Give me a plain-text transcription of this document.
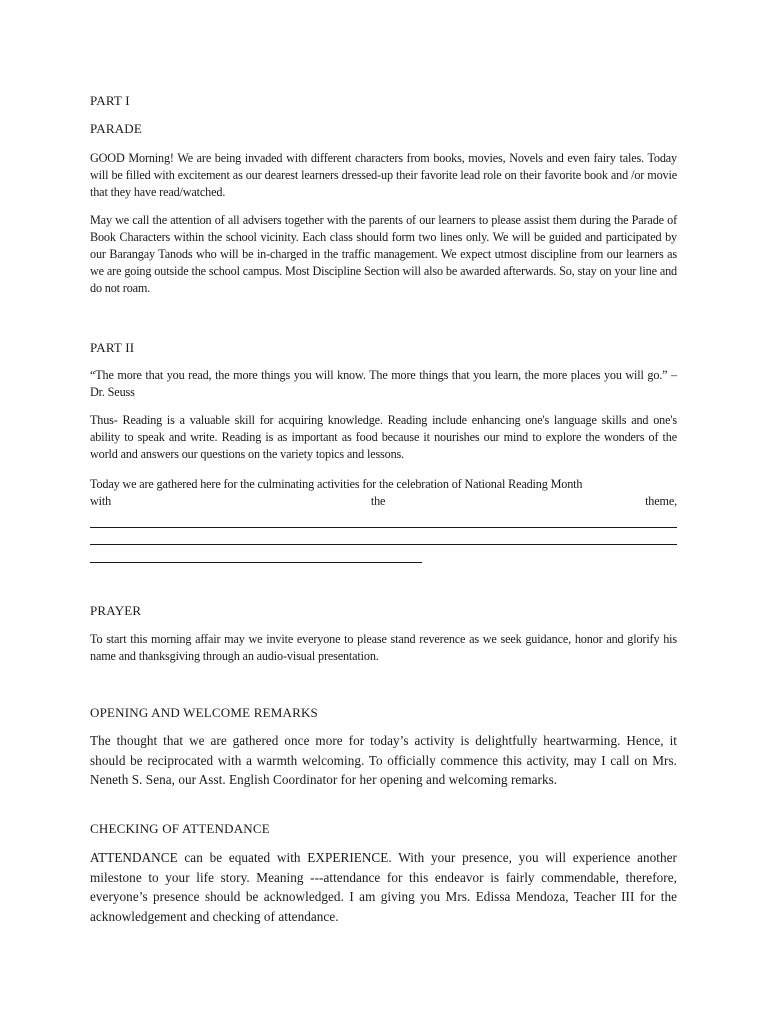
PART I

PARADE

GOOD Morning! We are being invaded with different characters from books, movies, Novels and even fairy tales. Today will be filled with excitement as our dearest learners dressed-up their favorite lead role on their favorite book and /or movie that they have read/watched.

May we call the attention of all advisers together with the parents of our learners to please assist them during the Parade of Book Characters within the school vicinity. Each class should form two lines only. We will be guided and participated by our Barangay Tanods who will be in-charged in the traffic management. We expect utmost discipline from our learners as we are going outside the school campus. Most Discipline Section will also be awarded afterwards. So, stay on your line and do not roam.

PART II

“The more that you read, the more things you will know. The more things that you learn, the more places you will go.” – Dr. Seuss

Thus- Reading is a valuable skill for acquiring knowledge. Reading include enhancing one's language skills and one's ability to speak and write. Reading is as important as food because it nourishes our mind to explore the wonders of the world and answers our questions on the variety topics and lessons.

Today we are gathered here for the culminating activities for the celebration of National Reading Month
with	the	theme,

PRAYER

To start this morning affair may we invite everyone to please stand reverence as we seek guidance, honor and glorify his name and thanksgiving through an audio-visual presentation.

OPENING AND WELCOME REMARKS

The thought that we are gathered once more for today’s activity is delightfully heartwarming. Hence, it should be reciprocated with a warmth welcoming. To officially commence this activity, may I call on Mrs. Neneth S. Sena, our Asst. English Coordinator for her opening and welcoming remarks.

CHECKING OF ATTENDANCE

ATTENDANCE can be equated with EXPERIENCE. With your presence, you will experience another milestone to your life story. Meaning ---attendance for this endeavor is fairly commendable, therefore, everyone’s presence should be acknowledged. I am giving you Mrs. Edissa Mendoza, Teacher III for the acknowledgement and checking of attendance.
